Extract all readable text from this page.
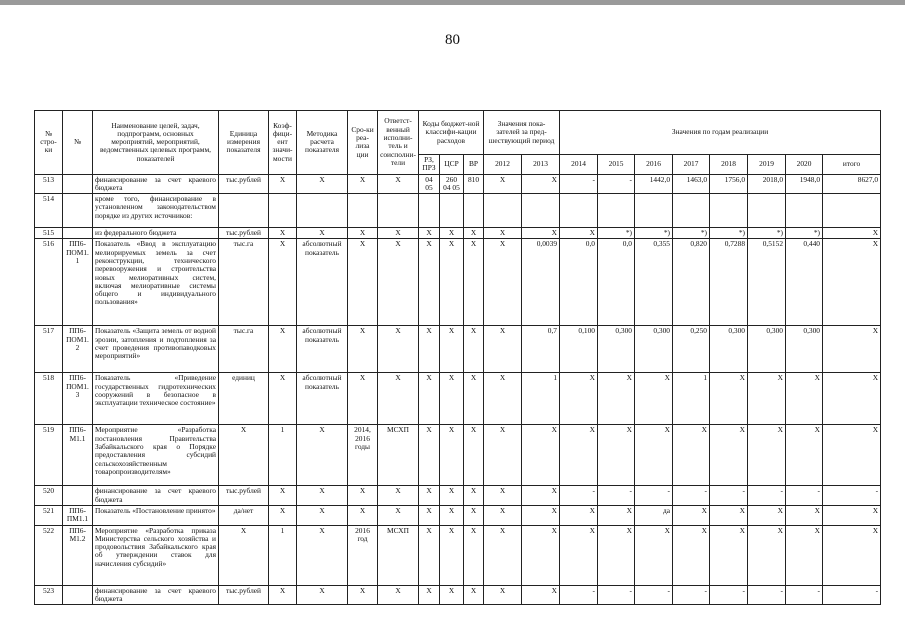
80
№ стро-ки	№	Наименование целей, задач, подпрограмм, основных мероприятий, мероприятий, ведомственных целевых программ, показателей	Единица измерения показателя	Коэф-фици-ент значи-мости	Методика расчета показателя	Сро-ки реа-лиза ции	Ответст-венный исполни-тель и соисполни-тели	Коды бюджет-ной классифи-кации расходов			Значения пока-зателей за пред-шествующий период		Значения по годам реализации							
								РЗ, ПРЗ	ЦСР	ВР	2012	2013	2014	2015	2016	2017	2018	2019	2020	итого
513		финансирование за счет краевого бюджета	тыс.рублей	X	X	X	X	04 05	260 04 05	810	X	X	-	-	1442,0	1463,0	1756,0	2018,0	1948,0	8627,0
514		кроме того, финансирование в установленном законодательством порядке из других источников:																		
515		из федерального бюджета	тыс.рублей	X	X	X	X	X	X	X	X	X	X	*)	*)	*)	*)	*)	*)	X
516	ПП6-ПОМ1.1	Показатель «Ввод в эксплуатацию мелиорируемых земель за счет реконструкции, технического перевооружения и строительства новых мелиоративных систем, включая мелиоративные системы общего и индивидуального пользования»	тыс.га	X	абсолютный показатель	X	X	X	X	X	X	0,0039	0,0	0,0	0,355	0,820	0,7288	0,5152	0,440	X
517	ПП6-ПОМ1.2	Показатель «Защита земель от водной эрозии, затопления и подтопления за счет проведения противопаводковых мероприятий»	тыс.га	X	абсолютный показатель	X	X	X	X	X	X	0,7	0,100	0,300	0,300	0,250	0,300	0,300	0,300	X
518	ПП6-ПОМ1.3	Показатель «Приведение государственных гидротехнических сооружений в безопасное в эксплуатации техническое состояние»	единиц	X	абсолютный показатель	X	X	X	X	X	X	1	X	X	X	1	X	X	X	X
519	ПП6-М1.1	Мероприятие «Разработка постановления Правительства Забайкальского края о Порядке предоставления субсидий сельскохозяйственным товаропроизводителям»	X	1	X	2014, 2016 годы	МСХП	X	X	X	X	X	X	X	X	X	X	X	X	X
520		финансирование за счет краевого бюджета	тыс.рублей	X	X	X	X	X	X	X	X	X	-	-	-	-	-	-	-	-
521	ПП6-ПМ1.1	Показатель «Постановление принято»	да/нет	X	X	X	X	X	X	X	X	X	X	X	да	X	X	X	X	X
522	ПП6-М1.2	Мероприятие «Разработка приказа Министерства сельского хозяйства и продовольствия Забайкальского края об утверждении ставок для начисления субсидий»	X	1	X	2016 год	МСХП	X	X	X	X	X	X	X	X	X	X	X	X	X
523		финансирование за счет краевого бюджета	тыс.рублей	X	X	X	X	X	X	X	X	X	-	-	-	-	-	-	-	-
